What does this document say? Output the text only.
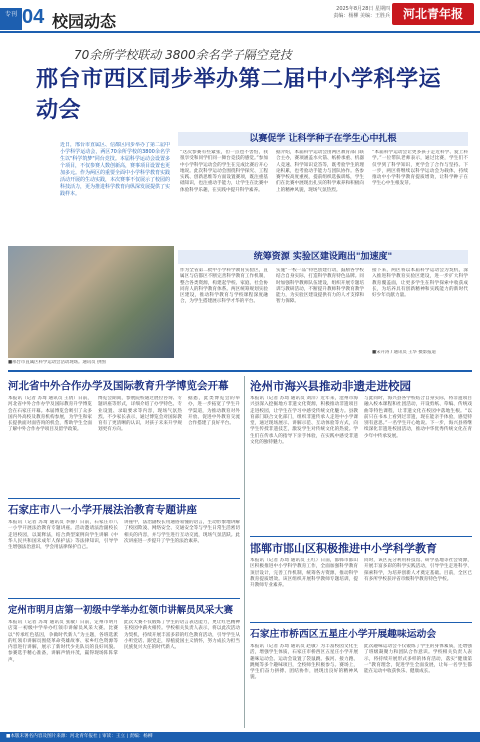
专刊 04 校园动态
2025年8月28日 星期四
责编：杨柳 美编：王胜兵	河北青年报
70余所学校联动 3800余名学子隔空竞技
邢台市西区同步举办第二届中小学科学运动会
近日，邢台市直属区、信都区同步举办了第二届中小学科学运动会，两区70余所学校的3800余名学生以"科学筑梦"同台竞技。本届科学运动会设置多个项目，不仅参赛人数创新高，赛事项目设置也更加多元。作为两区的重要全面中小学科学教育实践活动开展的生动实践，本次赛事不仅展示了校园的科技活力，更为推进科学教育向纵深发展提供了实践样本。
以赛促学 让科学种子在学生心中扎根
“这次参赛有些紧张，但一点也不害怕，我很享受和同学们同一舞台竞技的感觉。”参加中小学科学运动会的学生在完成比赛后开心地说。此次科学运动会围绕科学探究、工程实践、创新思维等方面设置赛项，既注重基础知识，也注重动手能力，让学生在比赛中体验科学乐趣，在实践中提升科学素养。
据介绍，本届科学运动会由两区教育部门联合主办，赛项涵盖水火箭、纸桥承重、机器人竞速、科学知识竞答等，既考验学生的理论积累，也考验动手能力与团队协作。各参赛学校高度重视，提前组织选拔训练，学生们在比赛中展现出扎实的科学素养和积极向上的精神风貌，现场气氛热烈。
“本届科学运动会让更多孩子走近科学、爱上科学。”一位带队老师表示，通过比赛，学生们不仅学到了科学知识，更学会了合作与坚持。下一步，两区将继续以科学运动会为载体，持续推动中小学科学教育提质增效，让科学种子在学生心中生根发芽。
■邢台市直属区科学运动会活动现场。通讯员 供图
统筹资源 实验区建设跑出"加速度"
作为全省第二批中小学科学教育实验区，直属区与信都区不断完善科学教育工作机制，整合各类资源，构建起学校、家庭、社会协同育人的科学教育体系。两区统筹规划实验区建设，推动科学教育与学校课程深度融合，为学生搭建展示科学才华的平台。
实施“一校一品”特色创建行动，鼓励各学校结合自身实际，打造科学教育特色品牌。同时加强科学教师队伍建设，组织开展专题培训与教研活动，不断提升教师科学教育教学能力，为实验区建设提供有力的人才支撑和智力保障。
接下来，两区将以本届科学运动会为契机，深入推进科学教育实验区建设，进一步扩大科学教育覆盖面，让更多学生在科学探索中收获成长，为培养具有创新精神和实践能力的新时代好少年贡献力量。
■宋开涛 / 通讯员 王华 摄影报道
河北省中外合作办学及国际教育升学博览会开幕
本报讯（记者 苏琦 通讯员 王倩）日前，河北省中外合作办学及国际教育升学博览会在石家庄开幕。本届博览会吸引了众多国内外高校及教育机构参展，为学生和家长提供面对面咨询的机会，帮助学生全面了解中外合作办学项目及留学政策。
博览会期间，参展院校通过展位咨询、专题讲座等形式，详细介绍了办学特色、专业设置、录取要求等内容，现场气氛热烈。不少家长表示，通过博览会对国际教育有了更清晰的认识，对孩子未来升学规划更有方向。
据悉，此类博览会的举办，进一步拓宽了学生升学渠道，为推动教育对外开放、促进中外教育交流合作搭建了良好平台。
石家庄市八一小学开展法治教育专题讲座
本报讯（记者 苏琦 通讯员 李静）日前，石家庄市八一小学开展法治教育专题讲座。活动邀请法治副校长走进校园，以案释法，结合典型案例向学生讲解《中华人民共和国未成年人保护法》等法律知识，引导学生增强法治意识，学会用法律保护自己。
讲座中，法治副校长用通俗易懂的语言，生动形象地讲解了校园欺凌、网络安全、交通安全等与学生日常生活密切相关的内容，并与学生进行互动交流，现场气氛活跃。此次讲座进一步提升了学生的法治素养。
定州市明月店第一初级中学举办红领巾讲解员风采大赛
本报讯（记者 苏琦 通讯员 张敏）日前，定州市明月店第一初级中学举办红领巾讲解员风采大赛。比赛以“传承红色基因，争做时代新人”为主题，各班选派的红领巾讲解员围绕革命英雄故事、家乡红色资源等内容进行讲解，展示了新时代少先队员的良好风貌。参赛选手精心准备，讲解声情并茂，赢得现场阵阵掌声。
此次大赛不仅锻炼了学生的语言表达能力，更让红色精神在校园中薪火相传。学校相关负责人表示，将以此次活动为契机，持续开展丰富多彩的红色教育活动，引导学生从小听党话、跟党走，厚植爱国主义情怀，努力成长为担当民族复兴大任的时代新人。
沧州市海兴县推动非遗走进校园
本报讯（记者 苏琦 通讯员 刘洋）近年来，沧州市海兴县深入挖掘地方非遗文化资源，积极推动非遗项目走进校园，让学生在学习中感受传统文化魅力。县教育部门联合文化部门，组织非遗传承人走进中小学课堂，通过现场展示、讲解示范、互动体验等方式，向学生传授非遗技艺，激发学生对传统文化的热爱。学生们在传承人的指导下亲手体验，在实践中感受非遗文化的独特魅力。
与此同时，海兴县各学校结合自身实际，将非遗项目融入校本课程和社团活动，开设剪纸、草编、传统戏曲等特色课程，让非遗文化在校园中落地生根。“以前只在书本上看到过非遗，现在能亲手体验，感觉特别有意思。”一名学生开心地说。下一步，海兴县将继续深化非遗进校园活动，推动中华优秀传统文化在青少年中传承发展。
邯郸市邯山区积极推进中小学科学教育
本报讯（记者 苏琦 通讯员 王红）日前，邯郸市邯山区积极推进中小学科学教育工作，全面加强科学教育顶层设计，完善工作机制，统筹各方资源，推动科学教育提质增效。该区组织开展科学教师专题培训，提升教师专业素养。
同时，该区充分利用科技馆、研学基地等社会资源，开展丰富多彩的科学实践活动，引导学生走进科学、探索科学，为培养创新人才奠定基础。目前，全区已有多所学校获评省市级科学教育特色学校。
石家庄市桥西区五星庄小学开展趣味运动会
本报讯（记者 苏琦 通讯员 赵敏）为丰富校园文化生活，增强学生体质，石家庄市桥西区五星庄小学开展趣味运动会。运动会设置了袋鼠跳、拔河、接力跑、跳绳等多个趣味项目，全校师生积极参与。赛场上，学生们奋力拼搏、团结协作，展现出良好的精神风貌。
此次趣味运动会不仅锻炼了学生的身体素质，还增强了班级凝聚力和团队合作意识。学校相关负责人表示，将持续开展形式多样的体育活动，落实“健康第一”教育理念，促进学生全面发展，让每一名学生都能在运动中收获快乐、健康成长。
■本版未署名内容及图片来源：河北青年报社 | 审读：王立 | 责编：杨柳
